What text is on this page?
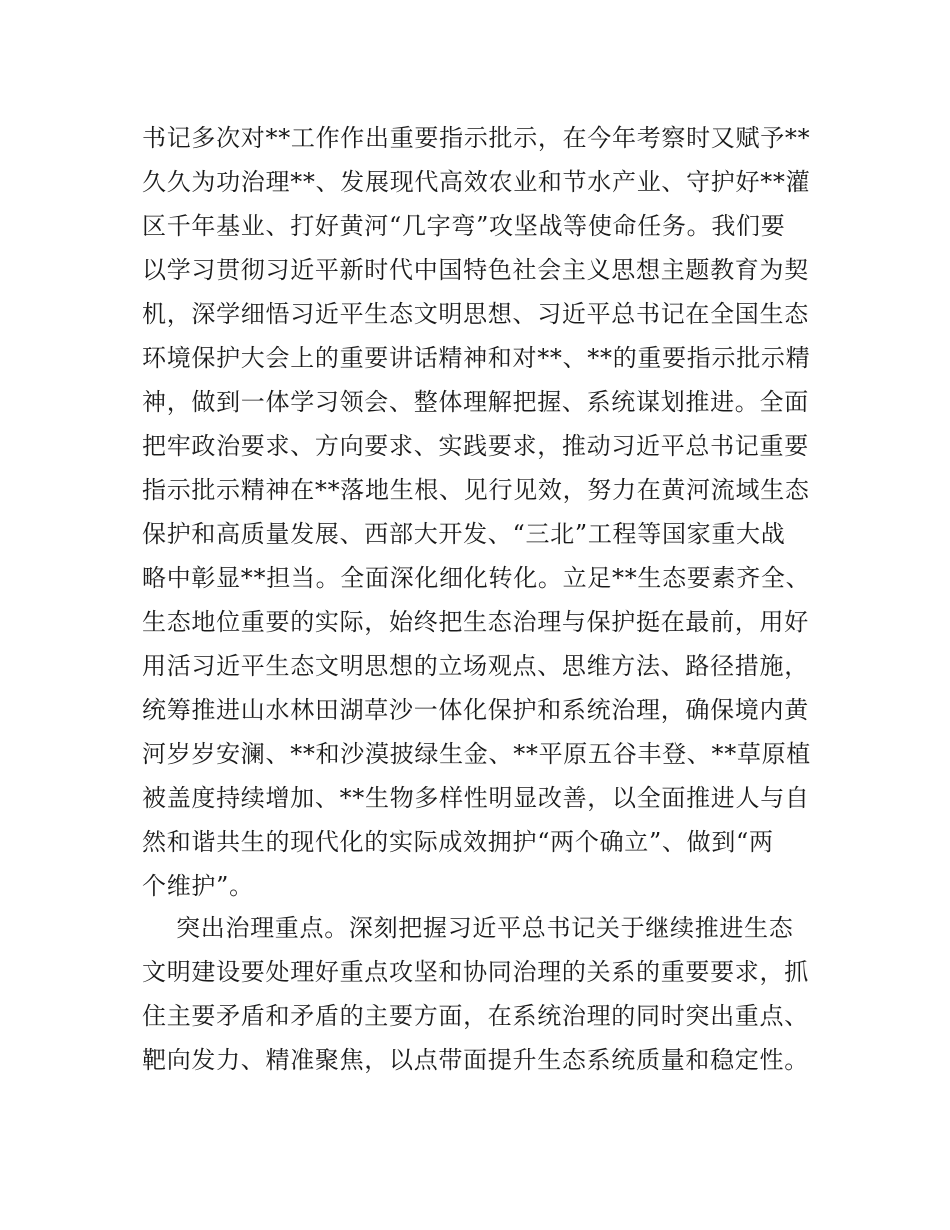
书记多次对**工作作出重要指示批示，在今年考察时又赋予**
久久为功治理**、发展现代高效农业和节水产业、守护好**灌
区千年基业、打好黄河“几字弯”攻坚战等使命任务。我们要
以学习贯彻习近平新时代中国特色社会主义思想主题教育为契
机，深学细悟习近平生态文明思想、习近平总书记在全国生态
环境保护大会上的重要讲话精神和对**、**的重要指示批示精
神，做到一体学习领会、整体理解把握、系统谋划推进。全面
把牢政治要求、方向要求、实践要求，推动习近平总书记重要
指示批示精神在**落地生根、见行见效，努力在黄河流域生态
保护和高质量发展、西部大开发、“三北”工程等国家重大战
略中彰显**担当。全面深化细化转化。立足**生态要素齐全、
生态地位重要的实际，始终把生态治理与保护挺在最前，用好
用活习近平生态文明思想的立场观点、思维方法、路径措施，
统筹推进山水林田湖草沙一体化保护和系统治理，确保境内黄
河岁岁安澜、**和沙漠披绿生金、**平原五谷丰登、**草原植
被盖度持续增加、**生物多样性明显改善，以全面推进人与自
然和谐共生的现代化的实际成效拥护“两个确立”、做到“两
个维护”。
突出治理重点。深刻把握习近平总书记关于继续推进生态
文明建设要处理好重点攻坚和协同治理的关系的重要要求，抓
住主要矛盾和矛盾的主要方面，在系统治理的同时突出重点、
靶向发力、精准聚焦，以点带面提升生态系统质量和稳定性。
